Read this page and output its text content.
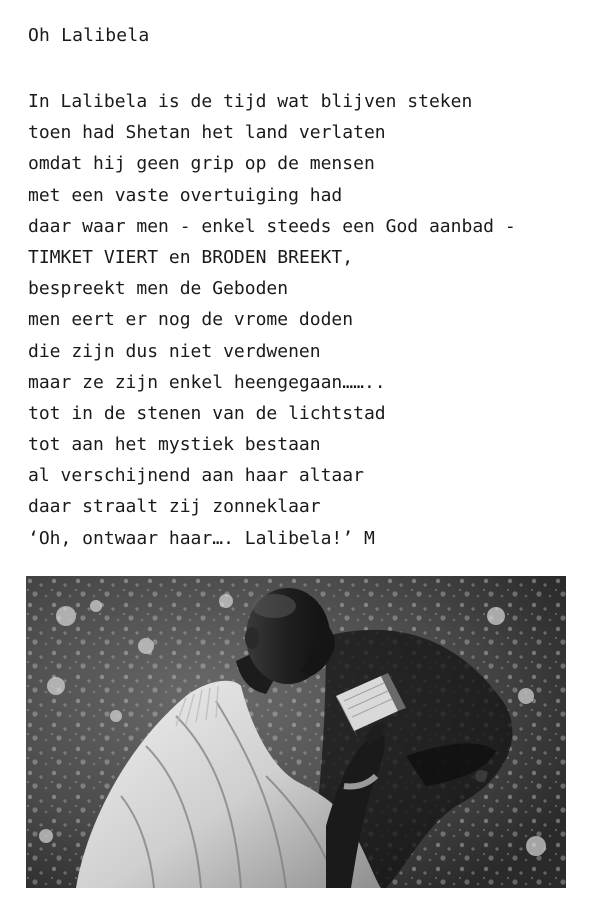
Oh Lalibela
In Lalibela is de tijd wat blijven steken
toen had Shetan het land verlaten
omdat hij geen grip op de mensen
met een vaste overtuiging had
daar waar men - enkel steeds een God aanbad -
TIMKET VIERT en BRODEN BREEKT,
bespreekt men de Geboden
men eert er nog de vrome doden
die zijn dus niet verdwenen
maar ze zijn enkel heengegaan……..
tot in de stenen van de lichtstad
tot aan het mystiek bestaan
al verschijnend aan haar altaar
daar straalt zij zonneklaar
‘Oh, ontwaar haar…. Lalibela!’ M
